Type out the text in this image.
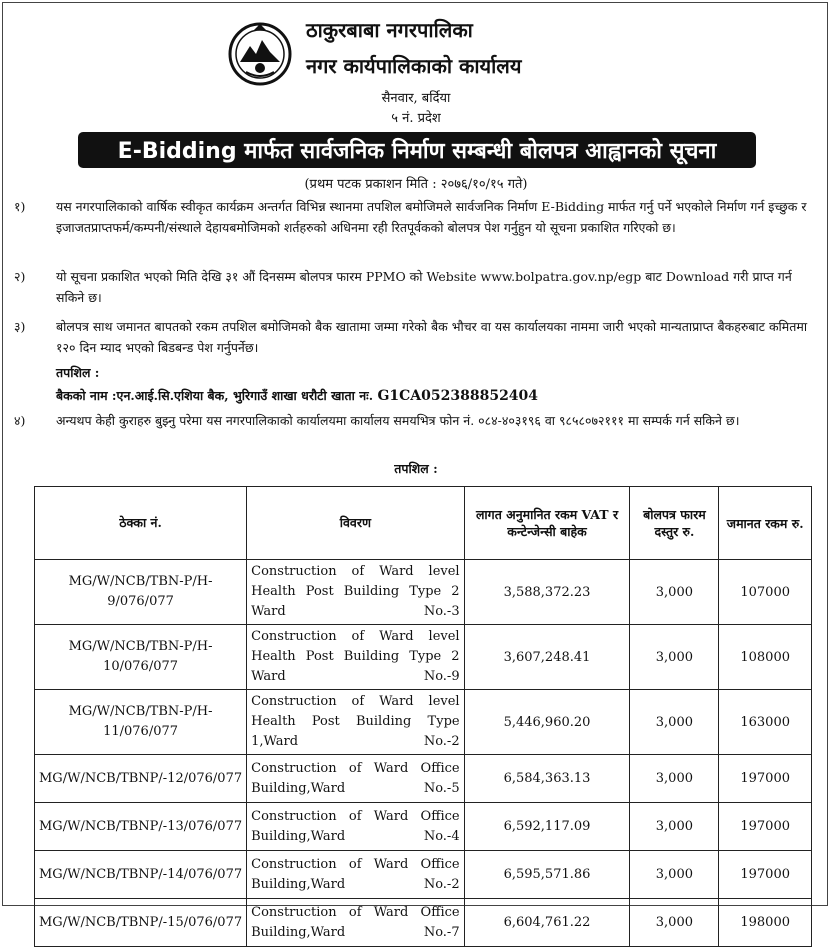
ठाकुरबाबा नगरपालिका
नगर कार्यपालिकाको कार्यालय
सैनवार, बर्दिया
५ नं. प्रदेश
E-Bidding मार्फत सार्वजनिक निर्माण सम्बन्धी बोलपत्र आह्वानको सूचना
(प्रथम पटक प्रकाशन मिति : २०७६/१०/१५ गते)
१) यस नगरपालिकाको वार्षिक स्वीकृत कार्यक्रम अन्तर्गत विभिन्न स्थानमा तपशिल बमोजिमले सार्वजनिक निर्माण E-Bidding मार्फत गर्नु पर्ने भएकोले निर्माण गर्न इच्छुक र इजाजतप्राप्तफर्म/कम्पनी/संस्थाले देहायबमोजिमको शर्तहरुको अधिनमा रही रितपूर्वकको बोलपत्र पेश गर्नुहुन यो सूचना प्रकाशित गरिएको छ।
२) यो सूचना प्रकाशित भएको मिति देखि ३१ औं दिनसम्म बोलपत्र फारम PPMO को Website www.bolpatra.gov.np/egp बाट Download गरी प्राप्त गर्न सकिने छ।
३) बोलपत्र साथ जमानत बापतको रकम तपशिल बमोजिमको बैक खातामा जम्मा गरेको बैक भौचर वा यस कार्यालयका नाममा जारी भएको मान्यताप्राप्त बैकहरुबाट कमितमा १२० दिन म्याद भएको बिडबन्ड पेश गर्नुपर्नेछ।
तपशिल :
बैकको नाम :एन.आई.सि.एशिया बैक, भुरिगाउँ शाखा धरौटी खाता नः. G1CA052388852404
४) अन्यथप केही कुराहरु बुझ्नु परेमा यस नगरपालिकाको कार्यालयमा कार्यालय समयभित्र फोन नं. ०८४-४०३१९६ वा ९८५८०७२१११ मा सम्पर्क गर्न सकिने छ।
तपशिल :
ठेक्का नं.	विवरण	लागत अनुमानित रकम VAT र कन्टेन्जेन्सी बाहेक	बोलपत्र फारम दस्तुर रु.	जमानत रकम रु.
MG/W/NCB/TBN-P/H-9/076/077	Construction of Ward level Health Post Building Type 2 Ward No.-3	3,588,372.23	3,000	107000
MG/W/NCB/TBN-P/H-10/076/077	Construction of Ward level Health Post Building Type 2 Ward No.-9	3,607,248.41	3,000	108000
MG/W/NCB/TBN-P/H-11/076/077	Construction of Ward level Health Post Building Type 1,Ward No.-2	5,446,960.20	3,000	163000
MG/W/NCB/TBNP/-12/076/077	Construction of Ward Office Building,Ward No.-5	6,584,363.13	3,000	197000
MG/W/NCB/TBNP/-13/076/077	Construction of Ward Office Building,Ward No.-4	6,592,117.09	3,000	197000
MG/W/NCB/TBNP/-14/076/077	Construction of Ward Office Building,Ward No.-2	6,595,571.86	3,000	197000
MG/W/NCB/TBNP/-15/076/077	Construction of Ward Office Building,Ward No.-7	6,604,761.22	3,000	198000
